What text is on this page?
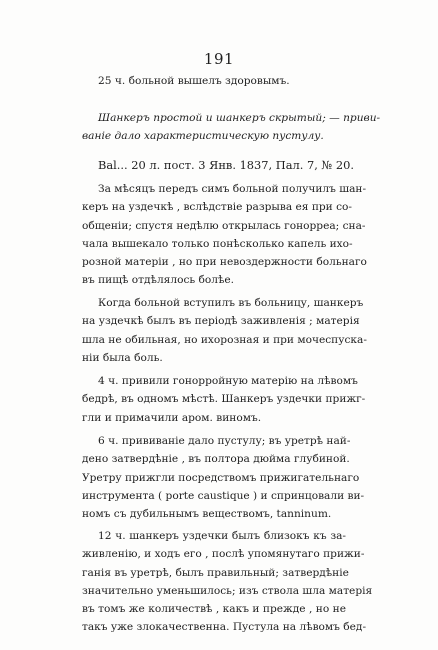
191
25 ч. больной вышелъ здоровымъ.
Шанкеръ простой и шанкеръ скрытый; — приви-
ваніе дало характеристическую пустулу.
Bal... 20 л. пост. 3 Янв. 1837, Пал. 7, № 20.
За мѣсяцъ передъ симъ больной получилъ шан-
керъ на уздечкѣ , вслѣдствіе разрыва ея при со-
общеніи; спустя недѣлю открылась гонорреа; сна-
чала вышекало только понѣсколько капель ихо-
розной матеріи , но при невоздержности больнаго
въ пищѣ отдѣлялось болѣе.
Когда больной вступилъ въ больницу, шанкеръ
на уздечкѣ былъ въ періодѣ заживленія ; матерія
шла не обильная, но ихорозная и при мочеспуска-
ніи была боль.
4 ч. привили гонорройную матерію на лѣвомъ
бедрѣ, въ одномъ мѣстѣ. Шанкеръ уздечки прижг-
гли и примачили аром. виномъ.
6 ч. прививаніе дало пустулу; въ уретрѣ най-
дено затвердѣніе , въ полтора дюйма глубиной.
Уретру прижгли посредствомъ прижигательнаго
инструмента ( porte caustique ) и спринцовали ви-
номъ съ дубильнымъ веществомъ, tanninum.
12 ч. шанкеръ уздечки былъ близокъ къ за-
живленію, и ходъ его , послѣ упомянутаго прижи-
ганія въ уретрѣ, былъ правильный; затвердѣніе
значительно уменьшилось; изъ ствола шла матерія
въ томъ же количествѣ , какъ и прежде , но не
такъ уже злокачественна. Пустула на лѣвомъ бед-
